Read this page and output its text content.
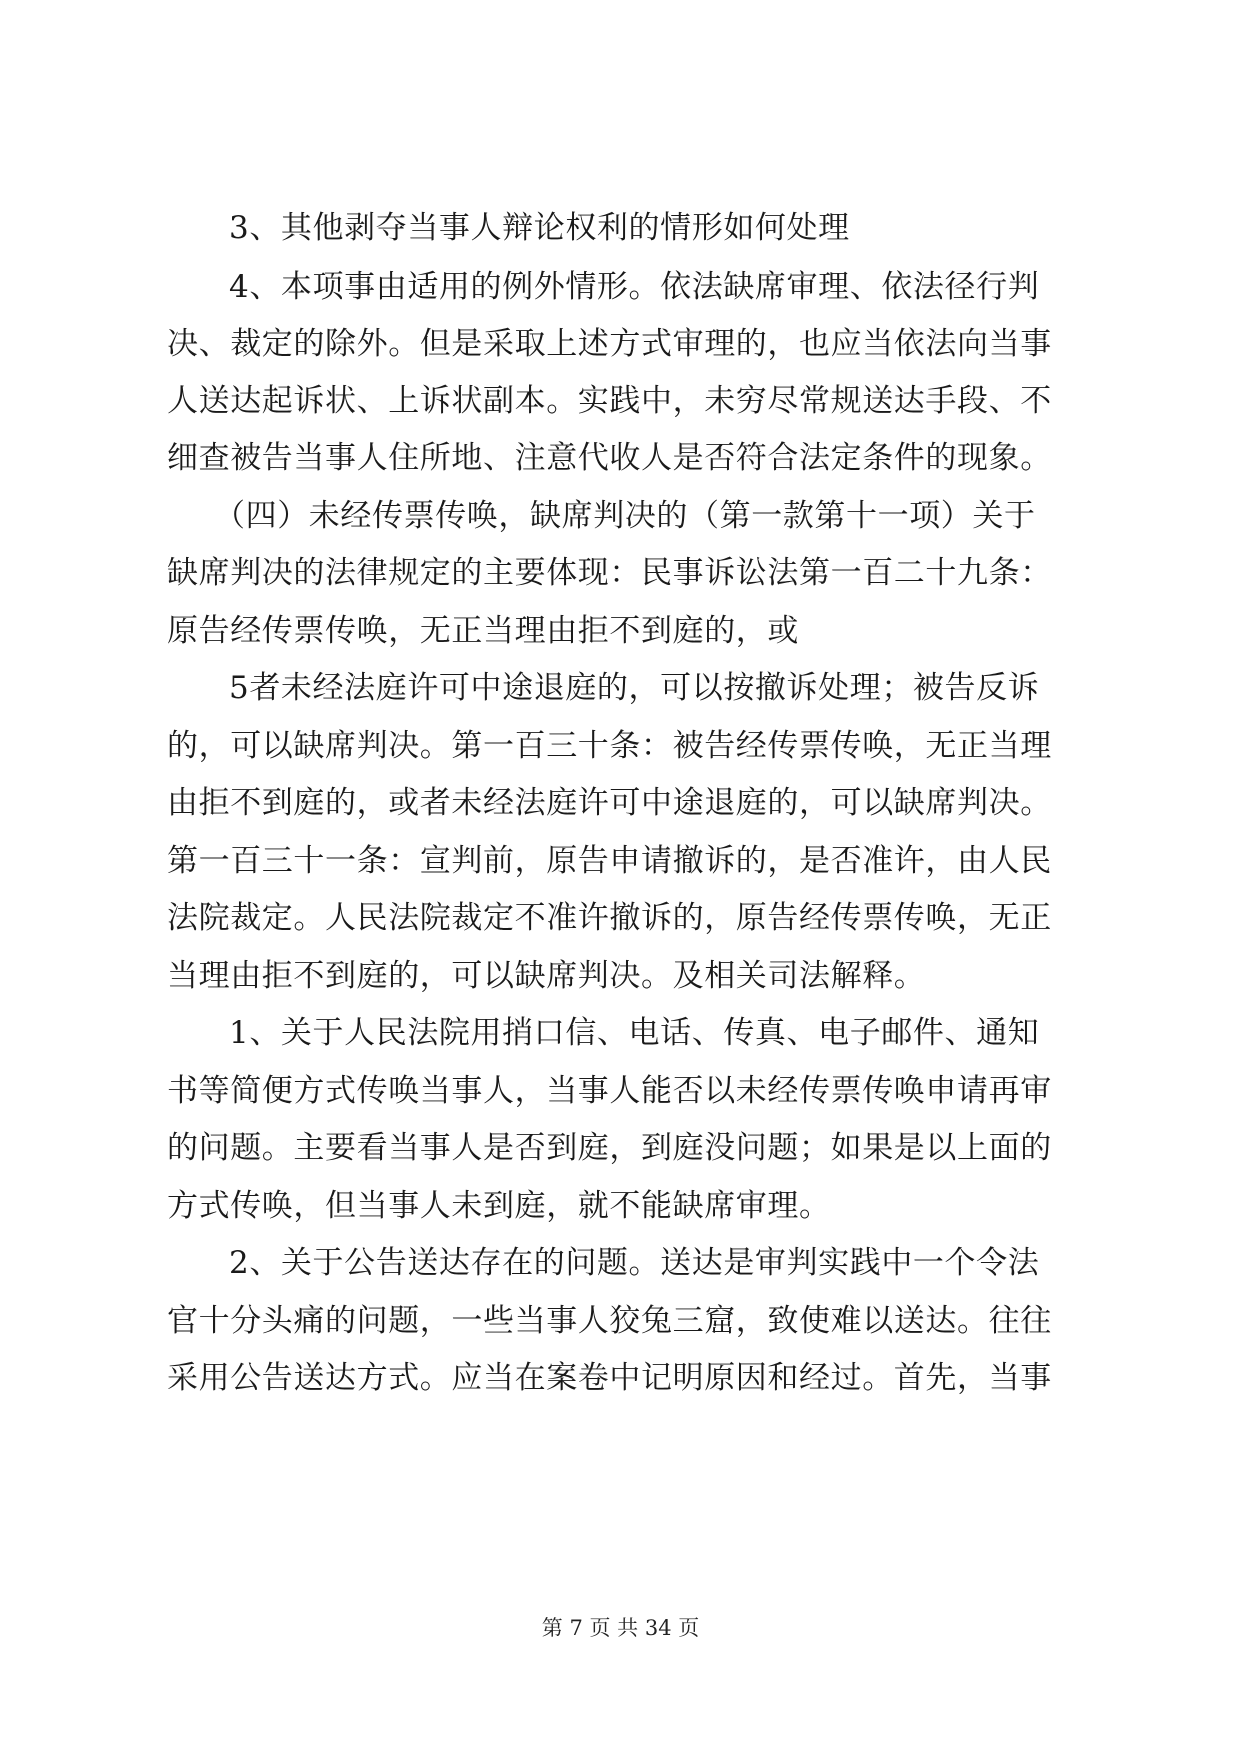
3、其他剥夺当事人辩论权利的情形如何处理
4、本项事由适用的例外情形。依法缺席审理、依法径行判
决、裁定的除外。但是采取上述方式审理的，也应当依法向当事
人送达起诉状、上诉状副本。实践中，未穷尽常规送达手段、不
细查被告当事人住所地、注意代收人是否符合法定条件的现象。
（四）未经传票传唤，缺席判决的（第一款第十一项）关于
缺席判决的法律规定的主要体现：民事诉讼法第一百二十九条：
原告经传票传唤，无正当理由拒不到庭的，或
5者未经法庭许可中途退庭的，可以按撤诉处理；被告反诉
的，可以缺席判决。第一百三十条：被告经传票传唤，无正当理
由拒不到庭的，或者未经法庭许可中途退庭的，可以缺席判决。
第一百三十一条：宣判前，原告申请撤诉的，是否准许，由人民
法院裁定。人民法院裁定不准许撤诉的，原告经传票传唤，无正
当理由拒不到庭的，可以缺席判决。及相关司法解释。
1、关于人民法院用捎口信、电话、传真、电子邮件、通知
书等简便方式传唤当事人，当事人能否以未经传票传唤申请再审
的问题。主要看当事人是否到庭，到庭没问题；如果是以上面的
方式传唤，但当事人未到庭，就不能缺席审理。
2、关于公告送达存在的问题。送达是审判实践中一个令法
官十分头痛的问题，一些当事人狡兔三窟，致使难以送达。往往
采用公告送达方式。应当在案卷中记明原因和经过。首先，当事
第 7 页 共 34 页
